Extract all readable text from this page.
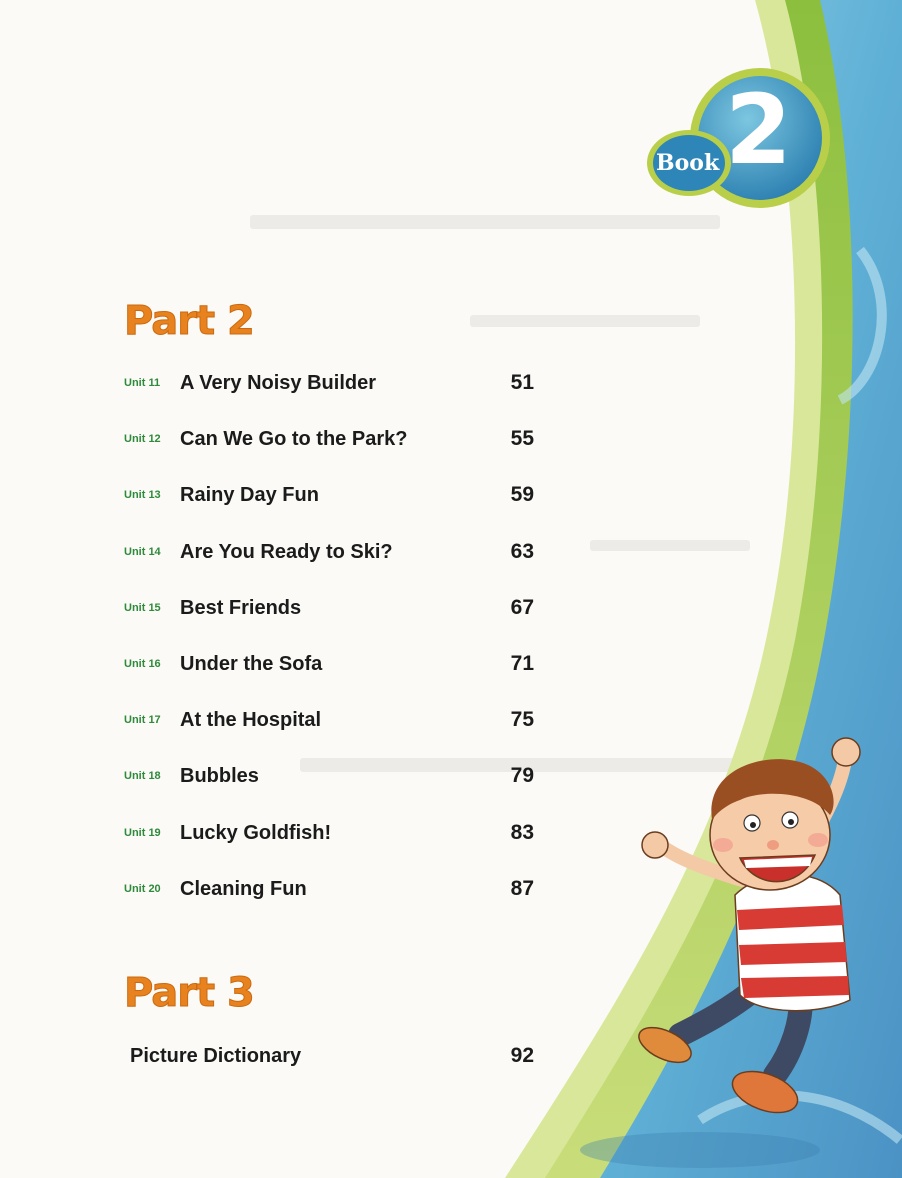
Book 2
Part 2
Unit 11 A Very Noisy Builder	51
Unit 12 Can We Go to the Park?	55
Unit 13 Rainy Day Fun	59
Unit 14 Are You Ready to Ski?	63
Unit 15 Best Friends	67
Unit 16 Under the Sofa	71
Unit 17 At the Hospital	75
Unit 18 Bubbles	79
Unit 19 Lucky Goldfish!	83
Unit 20 Cleaning Fun	87
Part 3
Picture Dictionary	92
